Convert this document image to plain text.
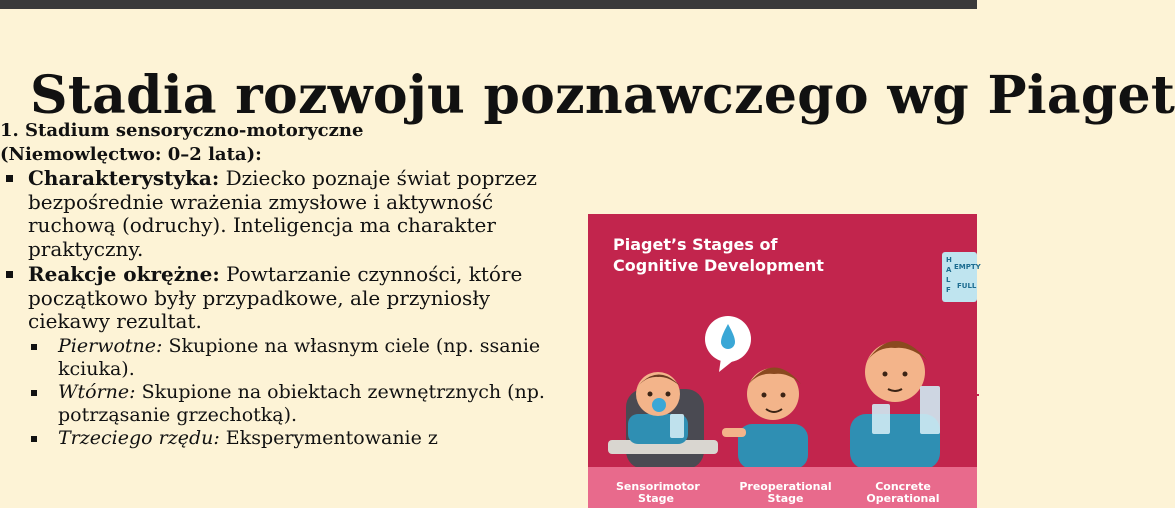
Stadia rozwoju poznawczego wg Piaget
1. Stadium sensoryczno-motoryczne
(Niemowlęctwo: 0–2 lata):
Charakterystyka: Dziecko poznaje świat poprzez bezpośrednie wrażenia zmysłowe i aktywność ruchową (odruchy). Inteligencja ma charakter praktyczny.
Reakcje okrężne: Powtarzanie czynności, które początkowo były przypadkowe, ale przyniosły ciekawy rezultat.
Pierwotne: Skupione na własnym ciele (np. ssanie kciuka).
Wtórne: Skupione na obiektach zewnętrznych (np. potrząsanie grzechotką).
Trzeciego rzędu: Eksperymentowanie z
Piaget’s Stages of
Cognitive Development	H
A
L
F
EMPTY
FULL
Sensorimotor
Stage
Preoperational
Stage
Concrete
Operational
